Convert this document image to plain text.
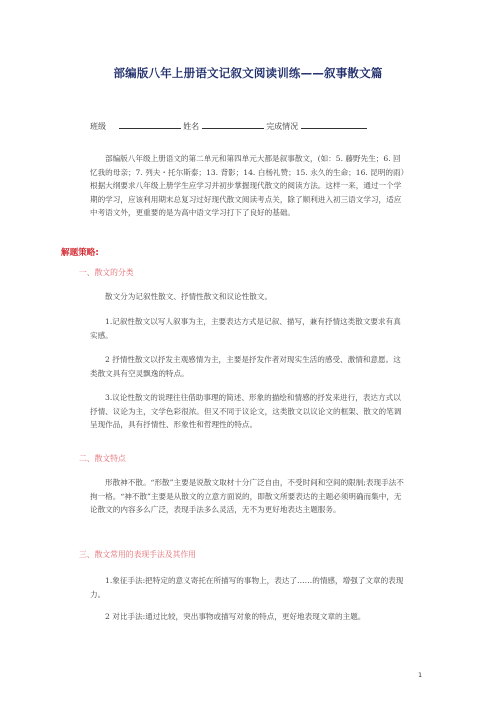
部编版八年上册语文记叙文阅读训练——叙事散文篇
班级	姓名	完成情况

部编版八年级上册语文的第二单元和第四单元大都是叙事散文，(如：5. 藤野先生；6. 回忆我的母亲；7. 列夫・托尔斯泰；13. 背影；14. 白杨礼赞；15. 永久的生命；16. 昆明的雨）根据大纲要求八年级上册学生应学习并初步掌握现代散文的阅读方法。这样一来，通过一个学期的学习，应该利用期末总复习过好现代散文阅读考点关，除了顺利进入初三语文学习，适应中考语文外，更重要的是为高中语文学习打下了良好的基础。

解题策略:
一、散文的分类

散文分为记叙性散文、抒情性散文和议论性散文。

1.记叙性散文以写人叙事为主，主要表达方式是记叙、描写，兼有抒情这类散文要求有真实感。

2 抒情性散文以抒发主观感情为主，主要是抒发作者对现实生活的感受、激情和意愿。这类散文具有空灵飘逸的特点。

3.议论性散文的说理往往借助事理的简述、形象的描绘和情感的抒发来进行，表达方式以抒情、议论为主，文学色彩很浓。但又不同于议论文，这类散文以议论文的框架、散文的笔调呈现作品，具有抒情性、形象性和哲理性的特点。

二、散文特点

形散神不散。“形散”主要是说散文取材十分广泛自由，不受时间和空间的限制;表现手法不拘一格。“神不散”主要是从散文的立意方面说的，即散文所要表达的主题必须明确而集中，无论散文的内容多么广泛，表现手法多么灵活，无不为更好地表达主题服务。

三、散文常用的表现手法及其作用

1.象征手法:把特定的意义寄托在所描写的事物上，表达了……的情感，增强了文章的表现力。

2 对比手法:通过比较，突出事物或描写对象的特点，更好地表现文章的主题。

1
